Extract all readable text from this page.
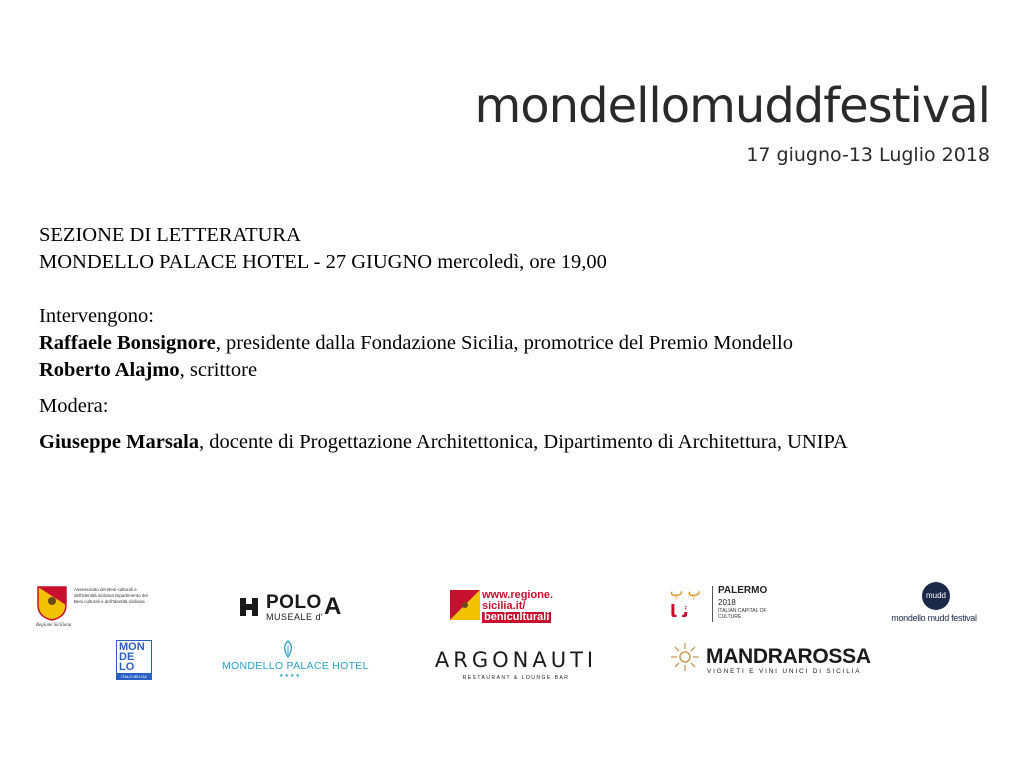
mondellomuddfestival
17 giugno-13 Luglio 2018

SEZIONE DI LETTERATURA

MONDELLO PALACE HOTEL - 27 GIUGNO mercoledì, ore 19,00

Intervengono:

Raffaele Bonsignore, presidente dalla Fondazione Sicilia, promotrice del Premio Mondello

Roberto Alajmo, scrittore

Modera:

Giuseppe Marsala, docente di Progettazione Architettonica, Dipartimento di Architettura, UNIPA

Assessorato dei Beni culturali e dell'Identità siciliana Dipartimento dei Beni culturali e dell'Identità siciliana
Regione Siciliana
POLO
MUSEALE d' A	www.regione.
sicilia.it/
beniculturali
ﭖ ﭖ
ﭠ ﺎ
PALERMO
2018
ITALIAN CAPITAL OF CULTURE
mudd
mondello mudd festival
MON DE LO
ITALO BELGA
MONDELLO PALACE HOTEL
★★★★
ARGONAUTI
RESTAURANT & LOUNGE BAR
MANDRAROSSA
VIGNETI E VINI UNICI DI SICILIA
